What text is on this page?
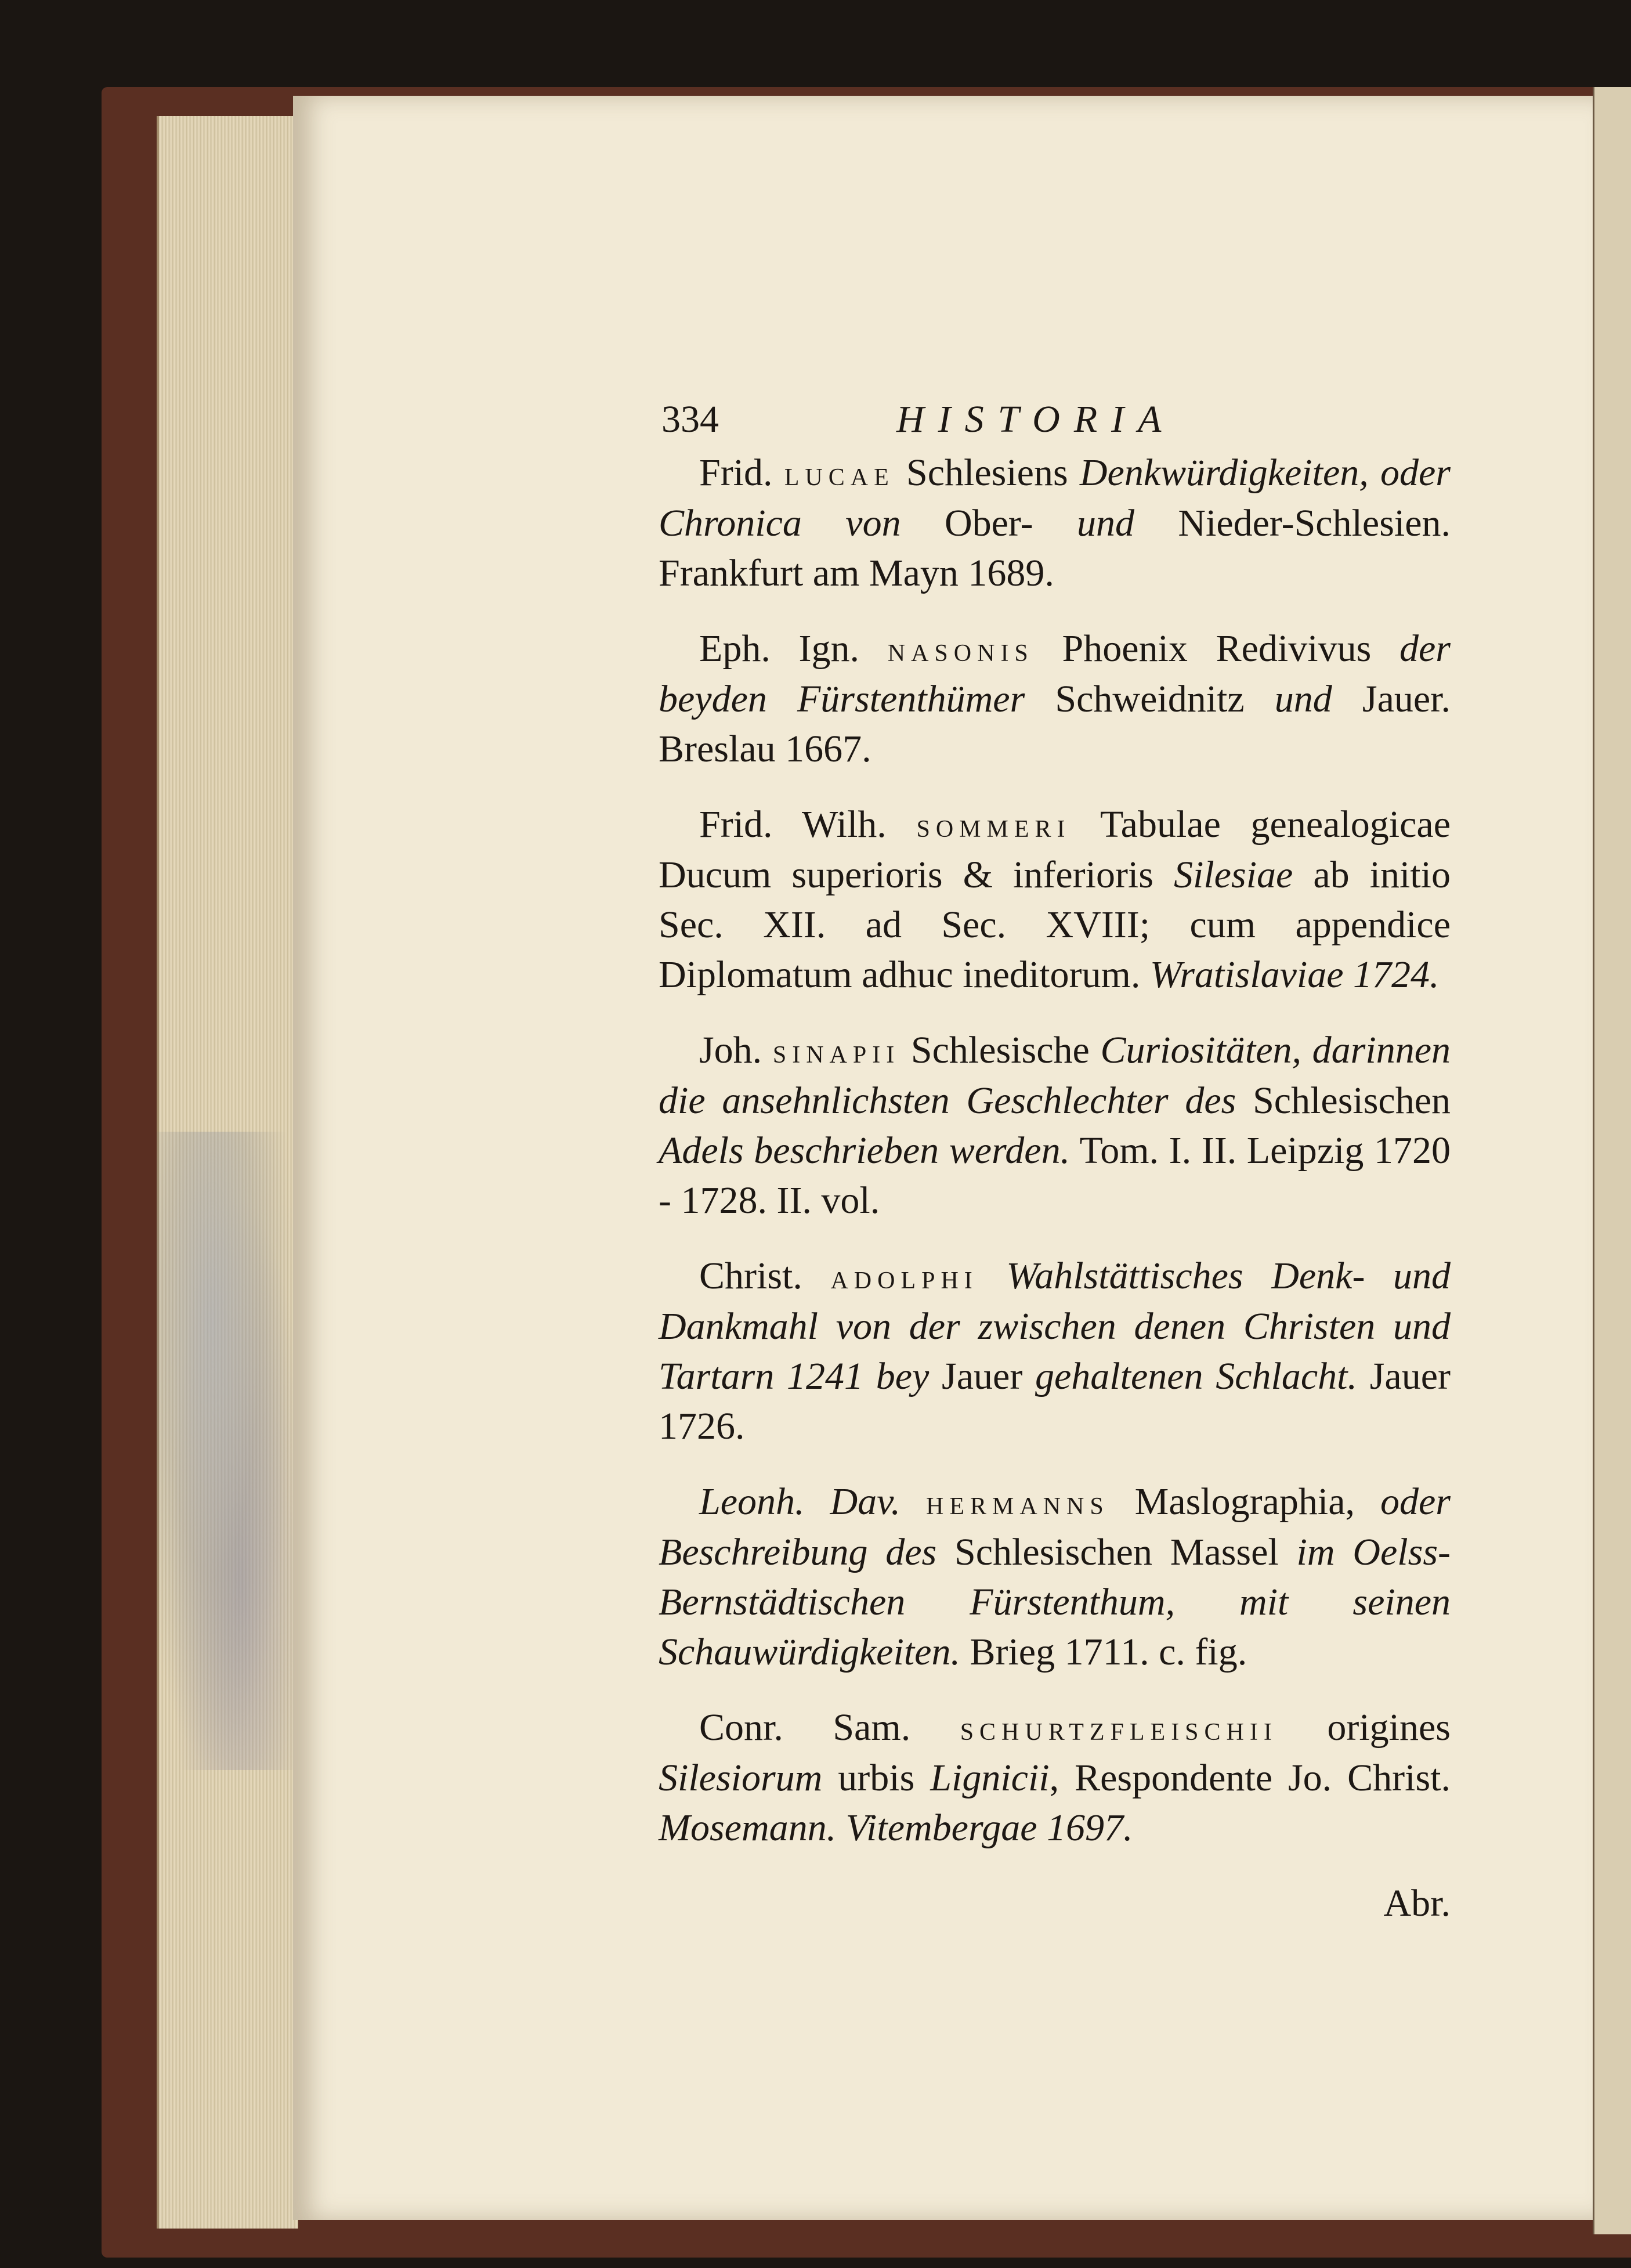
334	HISTORIA

Frid. lucae Schlesiens Denkwürdigkeiten, oder Chronica von Ober- und Nieder-Schlesien. Frankfurt am Mayn 1689.

Eph. Ign. nasonis Phoenix Redivivus der beyden Fürstenthümer Schweidnitz und Jauer. Breslau 1667.

Frid. Wilh. sommeri Tabulae genealogicae Ducum superioris & inferioris Silesiae ab initio Sec. XII. ad Sec. XVIII; cum appendice Diplomatum adhuc ineditorum. Wratislaviae 1724.

Joh. sinapii Schlesische Curiositäten, darinnen die ansehnlichsten Geschlechter des Schlesischen Adels beschrieben werden. Tom. I. II. Leipzig 1720 - 1728. II. vol.

Christ. adolphi Wahlstättisches Denk- und Dankmahl von der zwischen denen Christen und Tartarn 1241 bey Jauer gehaltenen Schlacht. Jauer 1726.

Leonh. Dav. hermanns Maslographia, oder Beschreibung des Schlesischen Massel im Oelss-Bernstädtischen Fürstenthum, mit seinen Schauwürdigkeiten. Brieg 1711. c. fig.

Conr. Sam. schurtzfleischii origines Silesiorum urbis Lignicii, Respondente Jo. Christ. Mosemann. Vitembergae 1697.

Abr.
